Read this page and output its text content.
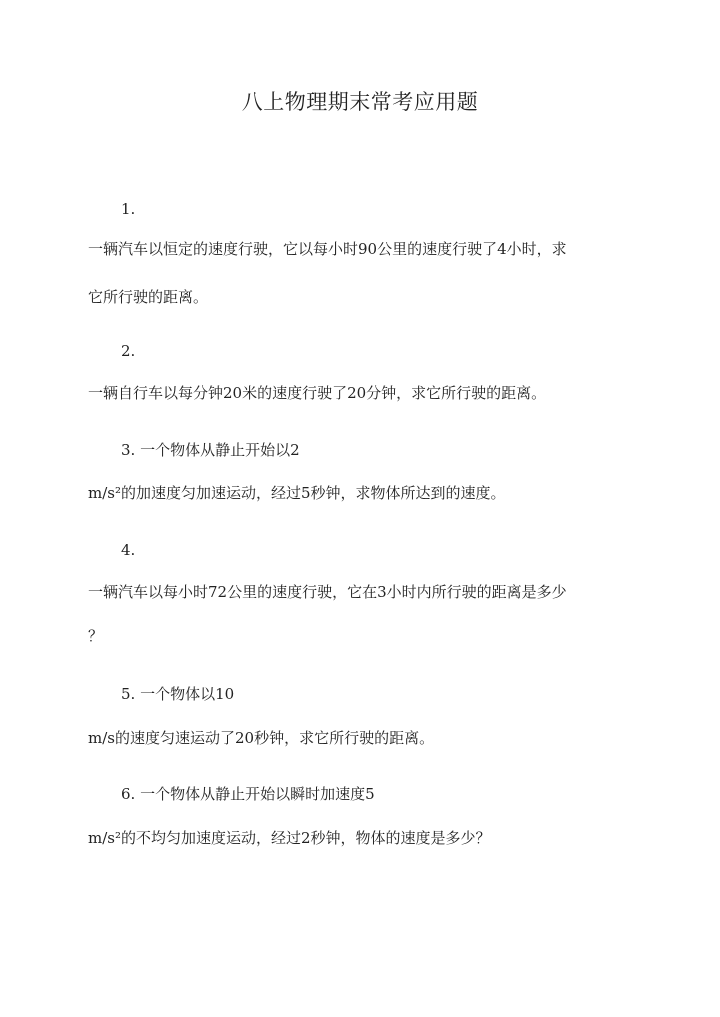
八上物理期末常考应用题
1.
一辆汽车以恒定的速度行驶，它以每小时90公里的速度行驶了4小时，求
它所行驶的距离。
2.
一辆自行车以每分钟20米的速度行驶了20分钟，求它所行驶的距离。
3. 一个物体从静止开始以2
m/s²的加速度匀加速运动，经过5秒钟，求物体所达到的速度。
4.
一辆汽车以每小时72公里的速度行驶，它在3小时内所行驶的距离是多少
？
5. 一个物体以10
m/s的速度匀速运动了20秒钟，求它所行驶的距离。
6. 一个物体从静止开始以瞬时加速度5
m/s²的不均匀加速度运动，经过2秒钟，物体的速度是多少？
